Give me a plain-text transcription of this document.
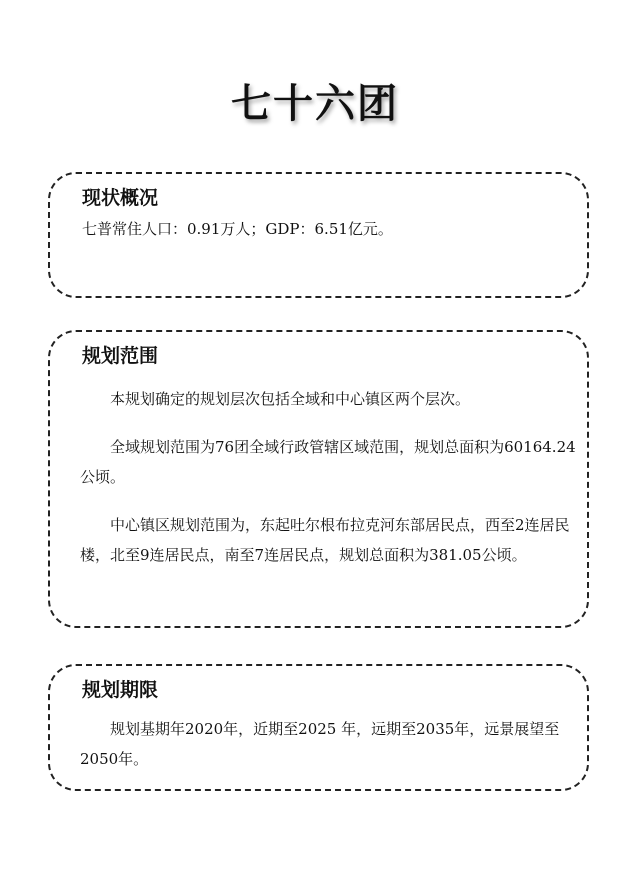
七十六团
现状概况

七普常住人口：0.91万人；GDP：6.51亿元。

规划范围

本规划确定的规划层次包括全域和中心镇区两个层次。

全域规划范围为76团全域行政管辖区域范围，规划总面积为60164.24公顷。

中心镇区规划范围为，东起吐尔根布拉克河东部居民点，西至2连居民楼，北至9连居民点，南至7连居民点，规划总面积为381.05公顷。

规划期限

规划基期年2020年，近期至2025 年，远期至2035年，远景展望至2050年。
